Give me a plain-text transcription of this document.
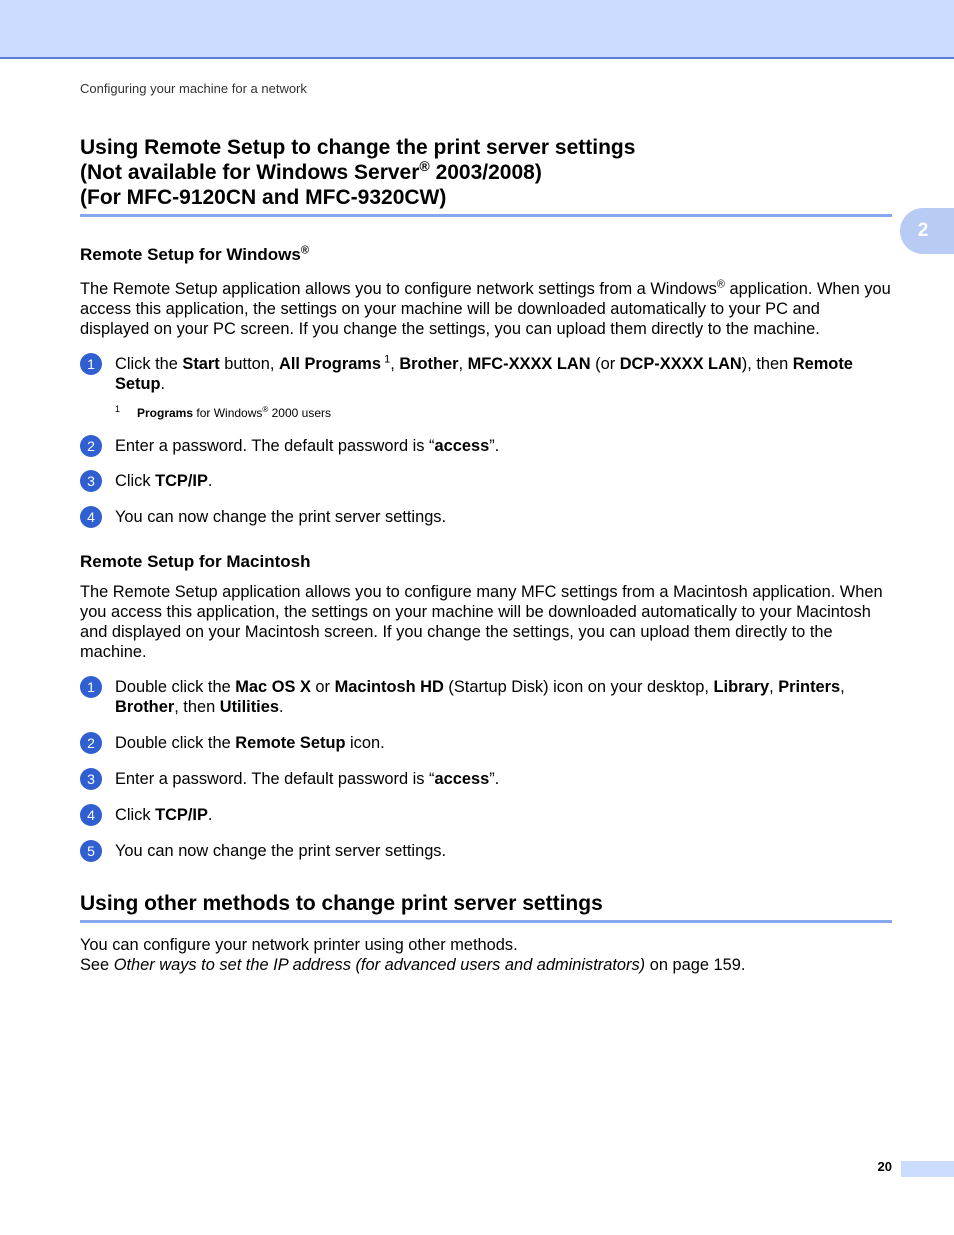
Configuring your machine for a network
2
Using Remote Setup to change the print server settings
(Not available for Windows Server® 2003/2008)
(For MFC-9120CN and MFC-9320CW)
Remote Setup for Windows®

The Remote Setup application allows you to configure network settings from a Windows® application. When you access this application, the settings on your machine will be downloaded automatically to your PC and displayed on your PC screen. If you change the settings, you can upload them directly to the machine.

1	Click the Start button, All Programs $^1$, Brother, MFC-XXXX LAN (or DCP-XXXX LAN), then Remote Setup.
1 Programs for Windows® 2000 users
2	Enter a password. The default password is “access”.
3	Click TCP/IP.
4	You can now change the print server settings.
Remote Setup for Macintosh

The Remote Setup application allows you to configure many MFC settings from a Macintosh application. When you access this application, the settings on your machine will be downloaded automatically to your Macintosh and displayed on your Macintosh screen. If you change the settings, you can upload them directly to the machine.

1	Double click the Mac OS X or Macintosh HD (Startup Disk) icon on your desktop, Library, Printers, Brother, then Utilities.
2	Double click the Remote Setup icon.
3	Enter a password. The default password is “access”.
4	Click TCP/IP.
5	You can now change the print server settings.
Using other methods to change print server settings

You can configure your network printer using other methods.
See Other ways to set the IP address (for advanced users and administrators) on page 159.

20
